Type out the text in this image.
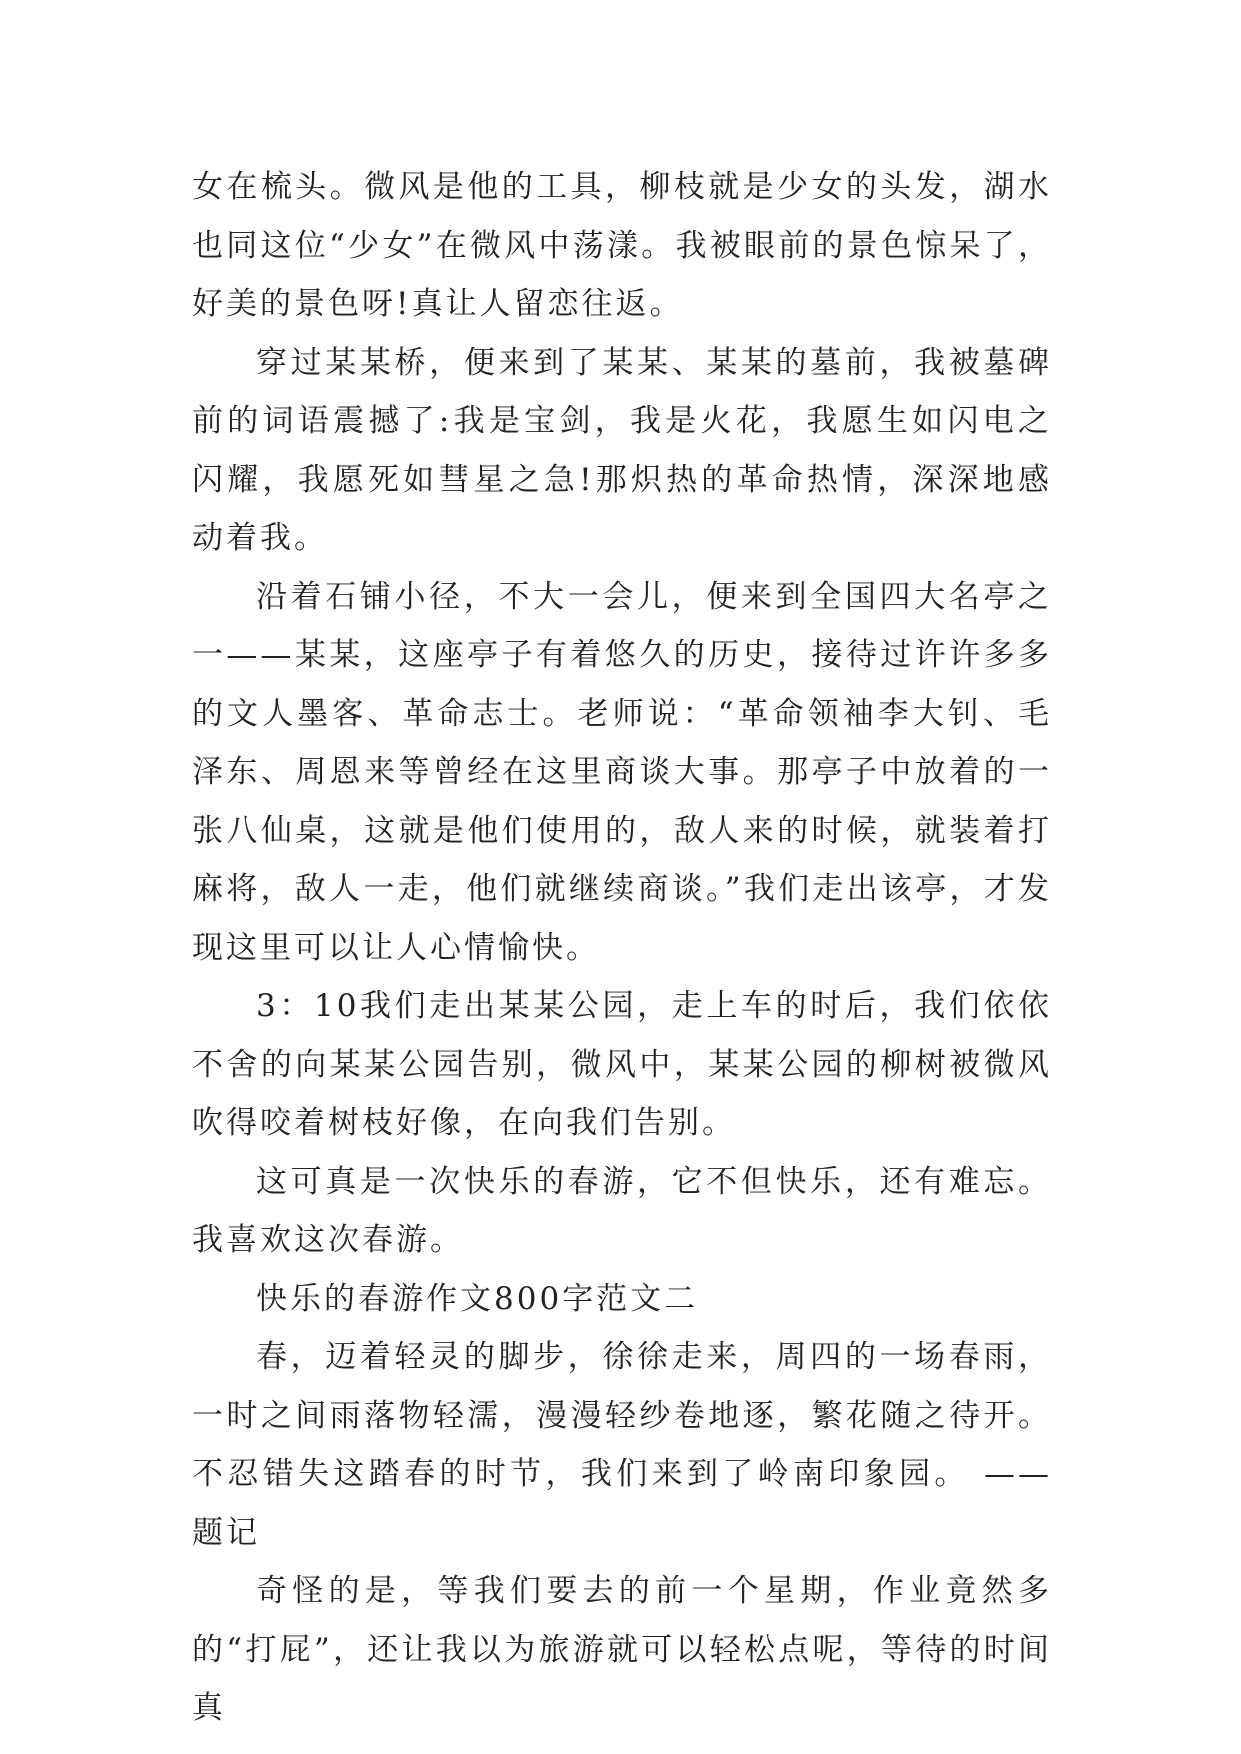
女在梳头。微风是他的工具，柳枝就是少女的头发，湖水也同这位“少女”在微风中荡漾。我被眼前的景色惊呆了，好美的景色呀!真让人留恋往返。

穿过某某桥，便来到了某某、某某的墓前，我被墓碑前的词语震撼了:我是宝剑，我是火花，我愿生如闪电之闪耀，我愿死如彗星之急!那炽热的革命热情，深深地感动着我。

沿着石铺小径，不大一会儿，便来到全国四大名亭之一——某某，这座亭子有着悠久的历史，接待过许许多多的文人墨客、革命志士。老师说：“革命领袖李大钊、毛泽东、周恩来等曾经在这里商谈大事。那亭子中放着的一张八仙桌，这就是他们使用的，敌人来的时候，就装着打麻将，敌人一走，他们就继续商谈。”我们走出该亭，才发现这里可以让人心情愉快。

3：10我们走出某某公园，走上车的时后，我们依依不舍的向某某公园告别，微风中，某某公园的柳树被微风吹得咬着树枝好像，在向我们告别。

这可真是一次快乐的春游，它不但快乐，还有难忘。我喜欢这次春游。

快乐的春游作文800字范文二

春，迈着轻灵的脚步，徐徐走来，周四的一场春雨，一时之间雨落物轻濡，漫漫轻纱卷地逐，繁花随之待开。不忍错失这踏春的时节，我们来到了岭南印象园。 ——题记

奇怪的是，等我们要去的前一个星期，作业竟然多的“打屁”，还让我以为旅游就可以轻松点呢，等待的时间真
